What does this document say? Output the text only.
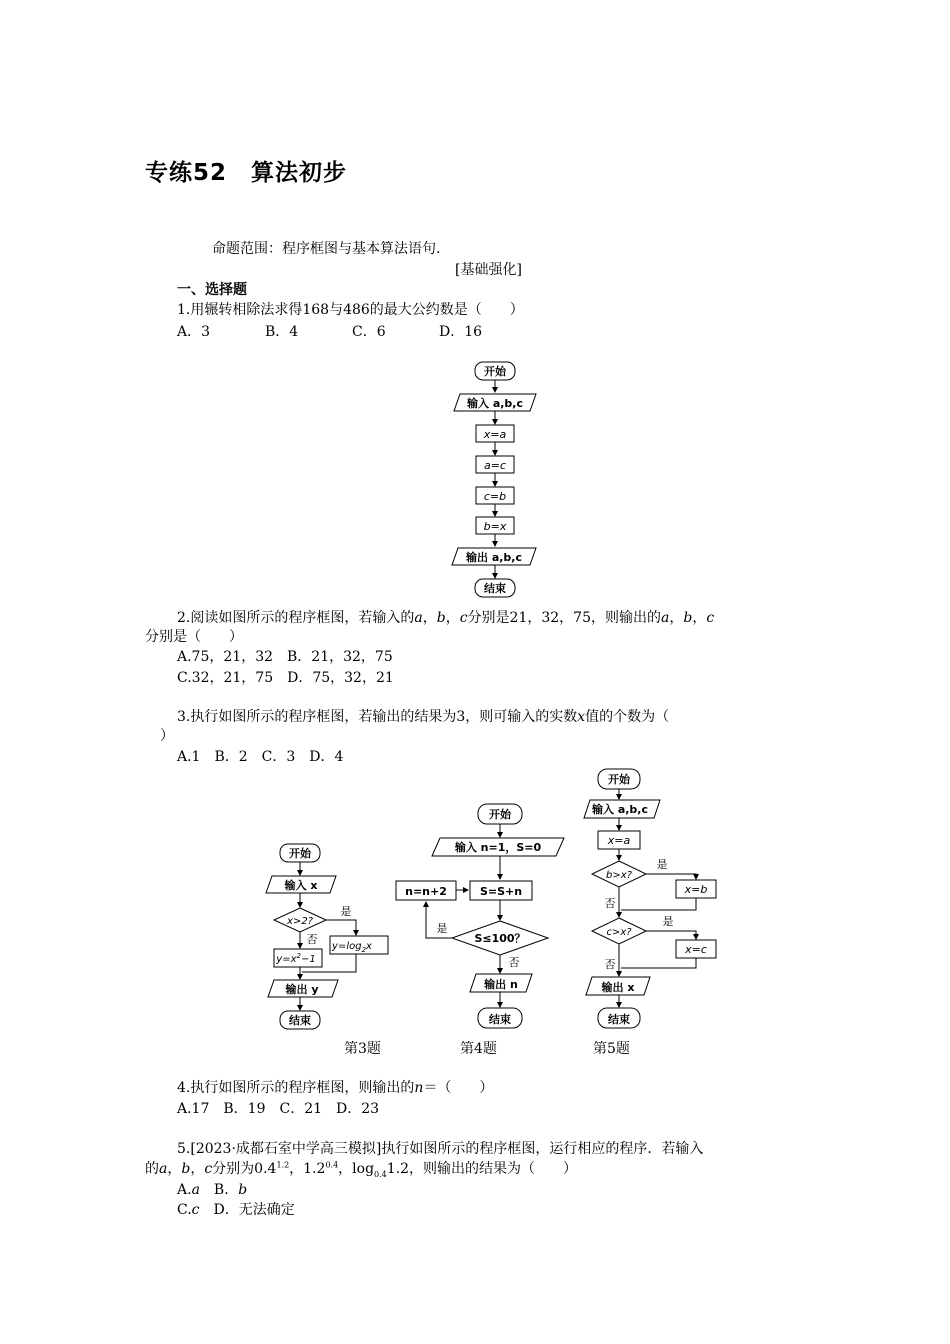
专练52　算法初步
命题范围：程序框图与基本算法语句.
[基础强化]
一、选择题
1.用辗转相除法求得168与486的最大公约数是（　　）
A．3	B．4	C．6	D．16
开始
输入 a,b,c
x=a
a=c
c=b
b=x
输出 a,b,c
结束
2.阅读如图所示的程序框图，若输入的a，b，c分别是21，32，75，则输出的a，b，c
分别是（　　）
A.75，21，32　B．21，32，75
C.32，21，75　D．75，32，21
3.执行如图所示的程序框图，若输出的结果为3，则可输入的实数x值的个数为（
）
A.1　B．2　C．3　D．4
开始
输入 x
x>2?
是
否
$y=\log_2x$
$y=x^2-1$
输出 y
结束
开始
输入 n=1，S=0
n=n+2	S=S+n
S≤100？
是
否
输出 n
结束
开始
输入 a,b,c
x=a
b>x?
是
x=b
否
c>x?
是
x=c
否
输出 x
结束
第3题	第4题	第5题
4.执行如图所示的程序框图，则输出的n＝（　　）
A.17　B．19　C．21　D．23
5.[2023·成都石室中学高三模拟]执行如图所示的程序框图，运行相应的程序．若输入
的a，b，c分别为$0.4^{1.2}$，$1.2^{0.4}$，$\log_{0.4}1.2$，则输出的结果为（　　）
A.a　 B．b
C.c　 D．无法确定
